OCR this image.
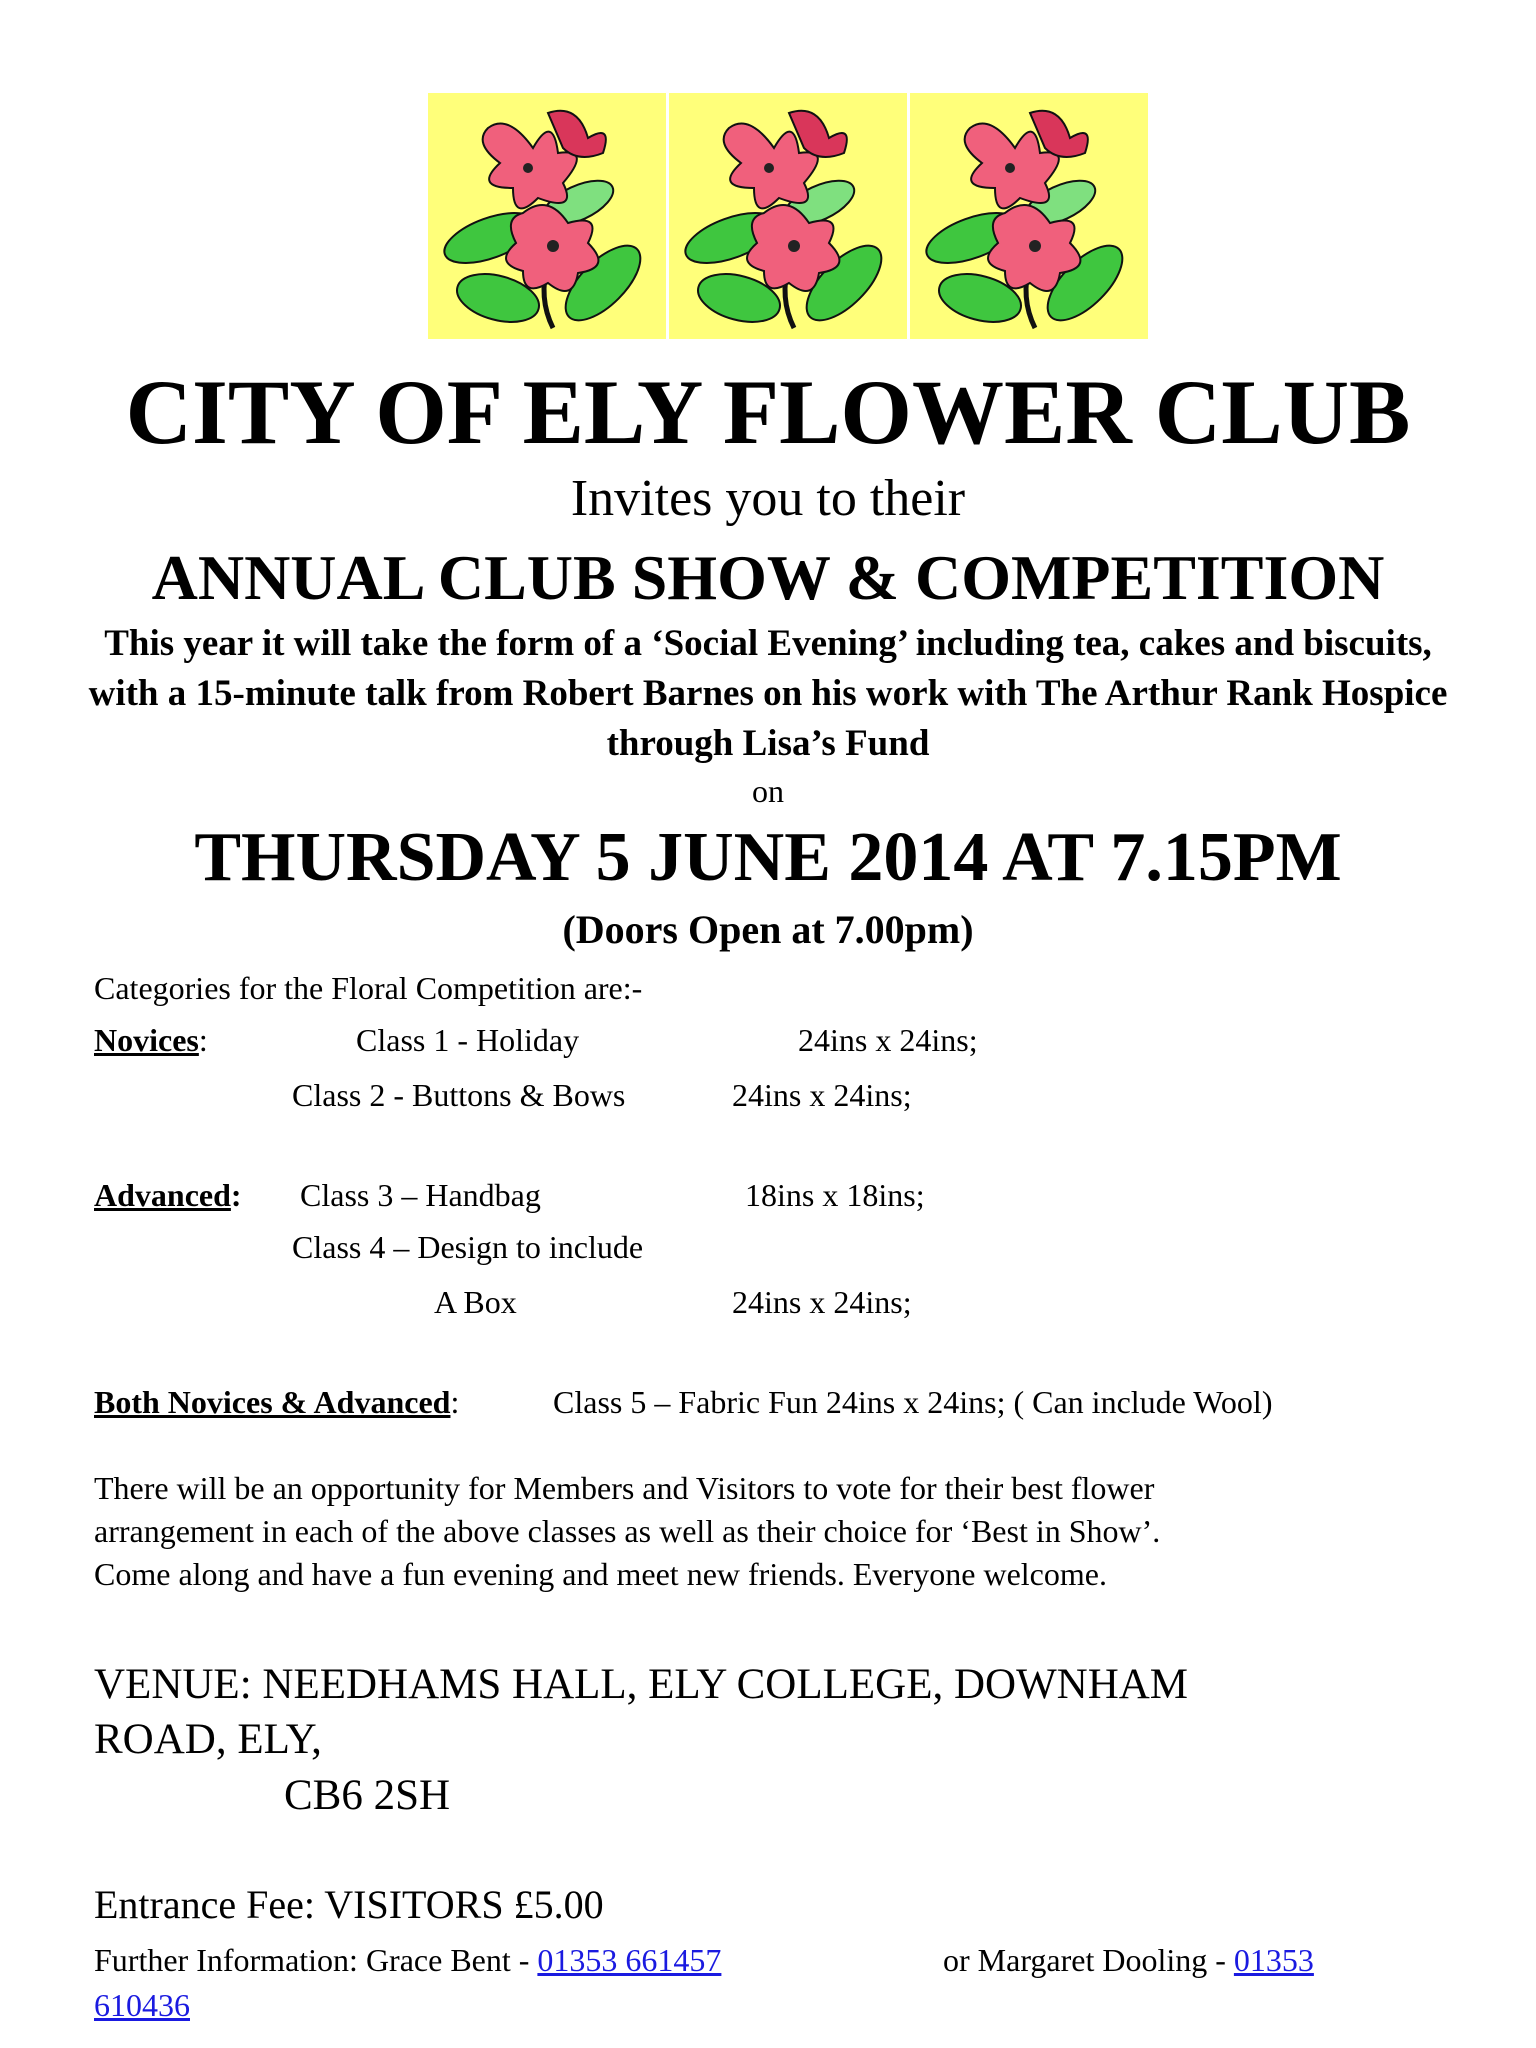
CITY OF ELY FLOWER CLUB
Invites you to their
ANNUAL CLUB SHOW & COMPETITION
This year it will take the form of a ‘Social Evening’ including tea, cakes and biscuits, with a 15-minute talk from Robert Barnes on his work with The Arthur Rank Hospice through Lisa’s Fund
on
THURSDAY 5 JUNE 2014 AT 7.15PM
(Doors Open at 7.00pm)
Categories for the Floral Competition are:-
Novices:	Class 1 - Holiday	24ins x 24ins;
Class 2 - Buttons & Bows	24ins x 24ins;
Advanced: Class 3 – Handbag	18ins x 18ins;
Class 4 – Design to include
A Box	24ins x 24ins;
Both Novices & Advanced:	Class 5 – Fabric Fun 24ins x 24ins; ( Can include Wool)
There will be an opportunity for Members and Visitors to vote for their best flower
arrangement in each of the above classes as well as their choice for ‘Best in Show’.
Come along and have a fun evening and meet new friends. Everyone welcome.
VENUE: NEEDHAMS HALL, ELY COLLEGE, DOWNHAM
ROAD, ELY,
CB6 2SH
Entrance Fee: VISITORS £5.00
Further Information: Grace Bent - 01353 661457	or Margaret Dooling - 01353
610436
